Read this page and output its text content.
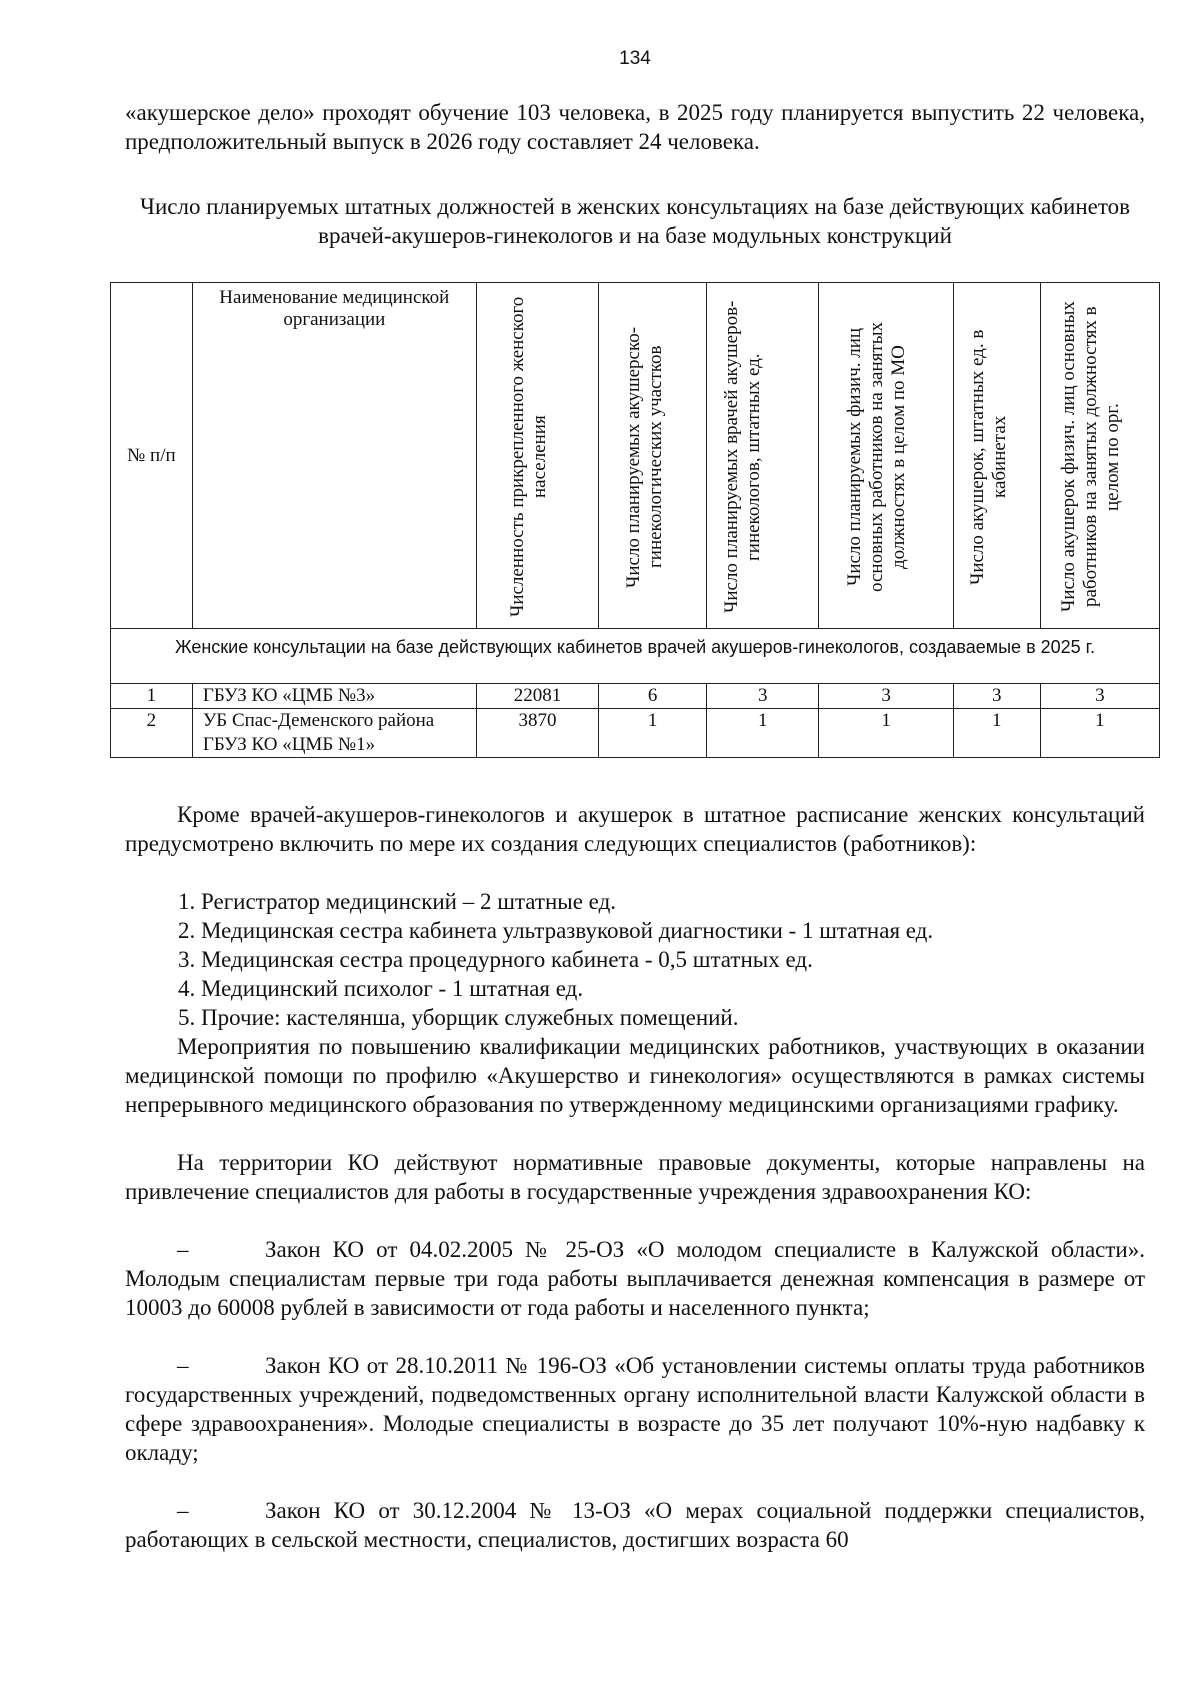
134
«акушерское дело» проходят обучение 103 человека, в 2025 году планируется выпустить 22 человека, предположительный выпуск в 2026 году составляет 24 человека.
Число планируемых штатных должностей в женских консультациях на базе действующих кабинетов врачей-акушеров-гинекологов и на базе модульных конструкций
№ п/п	Наименование медицинской организации	Численность прикрепленного женского населения	Число планируемых акушерско-гинекологических участков	Число планируемых врачей акушеров-гинекологов, штатных ед.	Число планируемых физич. лиц основных работников на занятых должностях в целом по МО	Число акушерок, штатных ед. в кабинетах	Число акушерок физич. лиц основных работников на занятых должностях в целом по орг.

Женские консультации на базе действующих кабинетов врачей акушеров-гинекологов, создаваемые в 2025 г.							
1	ГБУЗ КО «ЦМБ №3»	22081	6	3	3	3	3
2	УБ Спас-Деменского района ГБУЗ КО «ЦМБ №1»	3870	1	1	1	1	1
Кроме врачей-акушеров-гинекологов и акушерок в штатное расписание женских консультаций предусмотрено включить по мере их создания следующих специалистов (работников):
1. Регистратор медицинский – 2 штатные ед.
2. Медицинская сестра кабинета ультразвуковой диагностики - 1 штатная ед.
3. Медицинская сестра процедурного кабинета - 0,5 штатных ед.
4. Медицинский психолог - 1 штатная ед.
5. Прочие: кастелянша, уборщик служебных помещений.
Мероприятия по повышению квалификации медицинских работников, участвующих в оказании медицинской помощи по профилю «Акушерство и гинекология» осуществляются в рамках системы непрерывного медицинского образования по утвержденному медицинскими организациями графику.
На территории КО действуют нормативные правовые документы, которые направлены на привлечение специалистов для работы в государственные учреждения здравоохранения КО:
–	Закон КО от 04.02.2005 № 25-ОЗ «О молодом специалисте в Калужской области». Молодым специалистам первые три года работы выплачивается денежная компенсация в размере от 10003 до 60008 рублей в зависимости от года работы и населенного пункта;
–	Закон КО от 28.10.2011 № 196-ОЗ «Об установлении системы оплаты труда работников государственных учреждений, подведомственных органу исполнительной власти Калужской области в сфере здравоохранения». Молодые специалисты в возрасте до 35 лет получают 10%-ную надбавку к окладу;
–	Закон КО от 30.12.2004 № 13-ОЗ «О мерах социальной поддержки специалистов, работающих в сельской местности, специалистов, достигших возраста 60
